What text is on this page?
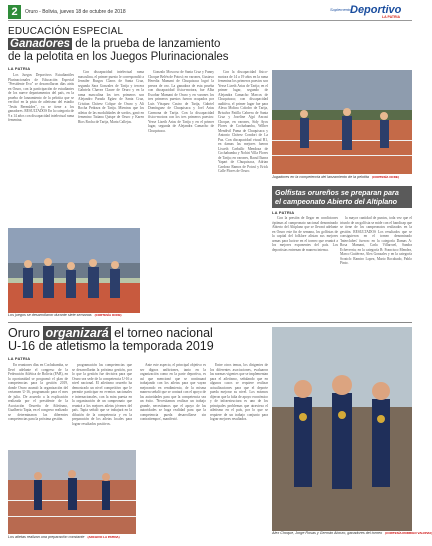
2	Oruro - Bolivia, jueves 18 de octubre de 2018	Suplemento
Deportivo
LA PATRIA
EDUCACIÓN ESPECIAL
Ganadores de la prueba de lanzamiento
de la pelotita en los Juegos Plurinacionales
LA PATRIA

Los Juegos Deportivos Estudiantiles Plurinacionales de Educación Especial "Presidente Evo" se desarrollaron días atrás en Oruro, con la participación de estudiantes de los nueve departamentos del país, en la prueba de lanzamiento de la pelotita que se verificó en la pista de atletismo del estadio "Jesús Bermúdez", ya se tiene a los ganadores. RESULTADOS En la categoría de 9 a 14 años con discapacidad intelectual rama femenina.

Con discapacidad intelectual rama masculina, el primer puesto le correspondió a Jennifer Burgos Claros de Santa Cruz, segunda Sara Gonzales de Tarija y tercera Gabriela Chavez Claure de Oruro y en la rama masculina los tres primeros son Alejandro Parada Egüez de Santa Cruz, Cristian Chávez Colque de Oruro y Ali Rocha Pedraza de Tarija. Mientras que los atletas de las modalidades de sordos, ganó en femenino Tatiana Quispe de Oruro y Karen Rios Rocha de Tarija, Marta Callejas.

Gonzalo Moscoso de Santa Cruz y Fanny Choque Belén de Potosí; en varones, Gustavo Heredia Mamani de Chuquisaca logró la presea de oro. La ganadora de esta prueba con discapacidad física-motora, fue Alba Escobar Mamani de Oruro y en varones los tres primeros puestos fueron ocupados por Luis Vásquez Castro de Tarija, Gabriel Domínguez de Chuquisaca y Joel Arias Carmona de Tarija. Con la discapacidad físico-motora con los tres primeros puestos: Yesse Lizeth Arias de Tarija y en el primer lugar, segunda de Alejandra Camacho de Chuquisaca.

Con la discapacidad físico-motora de 14 a 19 años en la rama femenina los primeros puestos son Yesse Lizeth Arias de Tarija; en el primer lugar, segundo de Alejandra Camacho Marcos de Chuquisaca; con discapacidad auditiva, el primer lugar fue para Alexa Molina Colodro de Tarija, Brisalva Patilla Cabrera de Santa Cruz y Joseline Ajpí Ancasi Choque, en varones, Sidy Ayos Flores de Cochabamba, Wilber Mendivil Puma de Chuquisaca y Antonio Chávez Condori de La Paz. Con discapacidad visual B1, en damas las mejores fueron Lisseth Carballo Mendoza de Cochabamba y Nohiri Villa Flores de Tarija; en varones, Raoul Ibarra Yapari de Chuquisaca, Adrian Cardozo Ramos de Potosí y Erick Calle Flores de Oruro.

Los juegos se desarrollaron durante siete semanas (CORTESÍA OCDE)
Jugadores en la competencia del lanzamiento de la pelotita (CORTESÍA OCDE)
Golfistas orureños se preparan para
el campeonato Abierto del Altiplano
LA PATRIA

Con la presión de llegar en condiciones óptimas al campeonato nacional denominado Abierto del Altiplano que se llevará adelante en Oruro este fin de semana, los golfistas de la capital del folklore alistan sus mejores armas para lucirse en el torneo que reunirá a los mejores exponentes del país. Los deportistas entrenan de manera intensa.

la mayor cantidad de puntos, toda vez que el triunfo de un golfista se mide con el handicap que se tiene de los campeonatos realizados en la gestión. RESULTADOS Los resultados que se consiguieron en el torneo denominado 'Interclubes' fueron: en la categoría Damas A: Rosa Mamani, Carla Villarroel, Sandra Echeverria; en la categoría B: Francisco Mendez, Marco Gutiérrez, Alex Gonzales y en la categoría Scratch: Ramiro Lopez, Mario Rocabado, Pablo Pinto.

Oruro organizará el torneo nacional
U-16 de atletismo la temporada 2019
LA PATRIA

En reuniones días en Cochabamba, se llevó adelante el congreso de la Federación Atlética de Bolivia (FAB), en la oportunidad se programó el plan de competencias para la gestión 2019, donde Oruro asumió la organización del certamen U-16, programado para el mes de julio. De acuerdo a la explicación realizada por el presidente de la Asociación Orureña de Atletismo, Gualberto Tapia, en el congreso realizado se determinaron las diferentes competencias para la próxima gestión.

programación las competencias que se desarrollarán la próxima gestión, por lo que la gestión fue decisiva para que Oruro sea sede de la competencia U-16 a nivel nacional. El atletismo orureño ha demostrado un nivel competitivo que le permite participar en eventos nacionales e internacionales, con la mira puesta en la organización de un campeonato que reunirá a los mejores atletas jóvenes del país. Tapia señaló que se trabajará en la difusión de la competencia y en la preparación de los atletas locales para lograr resultados positivos.

Ante este aspecto, el principal objetivo es ser dignos anfitriones, tanto en la organización como en la parte deportiva, es así que mencionó que se continuará trabajando con los atletas para que vayan mejorando en rendimiento, de la misma manera señaló que se contará con el apoyo de las autoridades para que la competencia sea un éxito. 'Necesitamos realizar un trabajo grande, necesitamos que el apoyo de las autoridades se haga realidad para que la competencia pueda desarrollarse sin contratiempos', manifestó.

Entre otros temas, los dirigentes de los diferentes asociaciones, evaluaron las normas vigentes que se implementan para el atletismo, señalando que en algunos casos se requiere realizar actualizaciones para que el deporte pueda mejorar su nivel. Los mismos dijeron que la falta de apoyo económico y de infraestructura es uno de los principales problemas que atraviesa el atletismo en el país, por lo que se requiere de un trabajo conjunto para lograr mejores resultados.

Los atletas realizan una preparación constante (ARCHIVO LA PATRIA)
Alex Choque, Jorge Rosas y Germán Alonzo, ganadores del torneo (CORTESÍA RODRIGO VALDIVIA)
